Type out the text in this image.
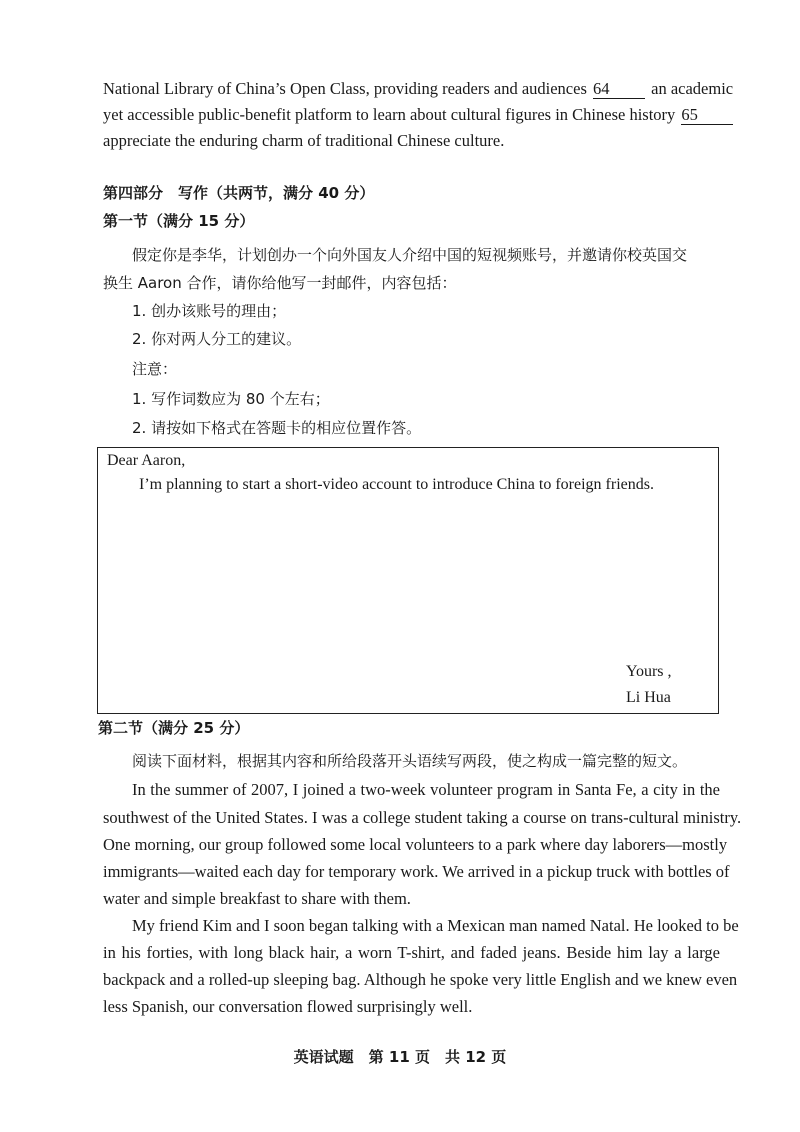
National Library of China’s Open Class, providing readers and audiences 64	an academic
yet accessible public-benefit platform to learn about cultural figures in Chinese history 65
appreciate the enduring charm of traditional Chinese culture.
第四部分　写作（共两节，满分 40 分）
第一节（满分 15 分）
假定你是李华，计划创办一个向外国友人介绍中国的短视频账号，并邀请你校英国交
换生 Aaron 合作，请你给他写一封邮件，内容包括：
1. 创办该账号的理由；
2. 你对两人分工的建议。
注意：
1. 写作词数应为 80 个左右；
2. 请按如下格式在答题卡的相应位置作答。
Dear Aaron,
I’m planning to start a short-video account to introduce China to foreign friends.
Yours ,
Li Hua
第二节（满分 25 分）
阅读下面材料，根据其内容和所给段落开头语续写两段，使之构成一篇完整的短文。
In the summer of 2007, I joined a two-week volunteer program in Santa Fe, a city in the
southwest of the United States. I was a college student taking a course on trans-cultural ministry.
One morning, our group followed some local volunteers to a park where day laborers—mostly
immigrants—waited each day for temporary work. We arrived in a pickup truck with bottles of
water and simple breakfast to share with them.
My friend Kim and I soon began talking with a Mexican man named Natal. He looked to be
in his forties, with long black hair, a worn T-shirt, and faded jeans. Beside him lay a large
backpack and a rolled-up sleeping bag. Although he spoke very little English and we knew even
less Spanish, our conversation flowed surprisingly well.
英语试题　第 11 页　共 12 页
